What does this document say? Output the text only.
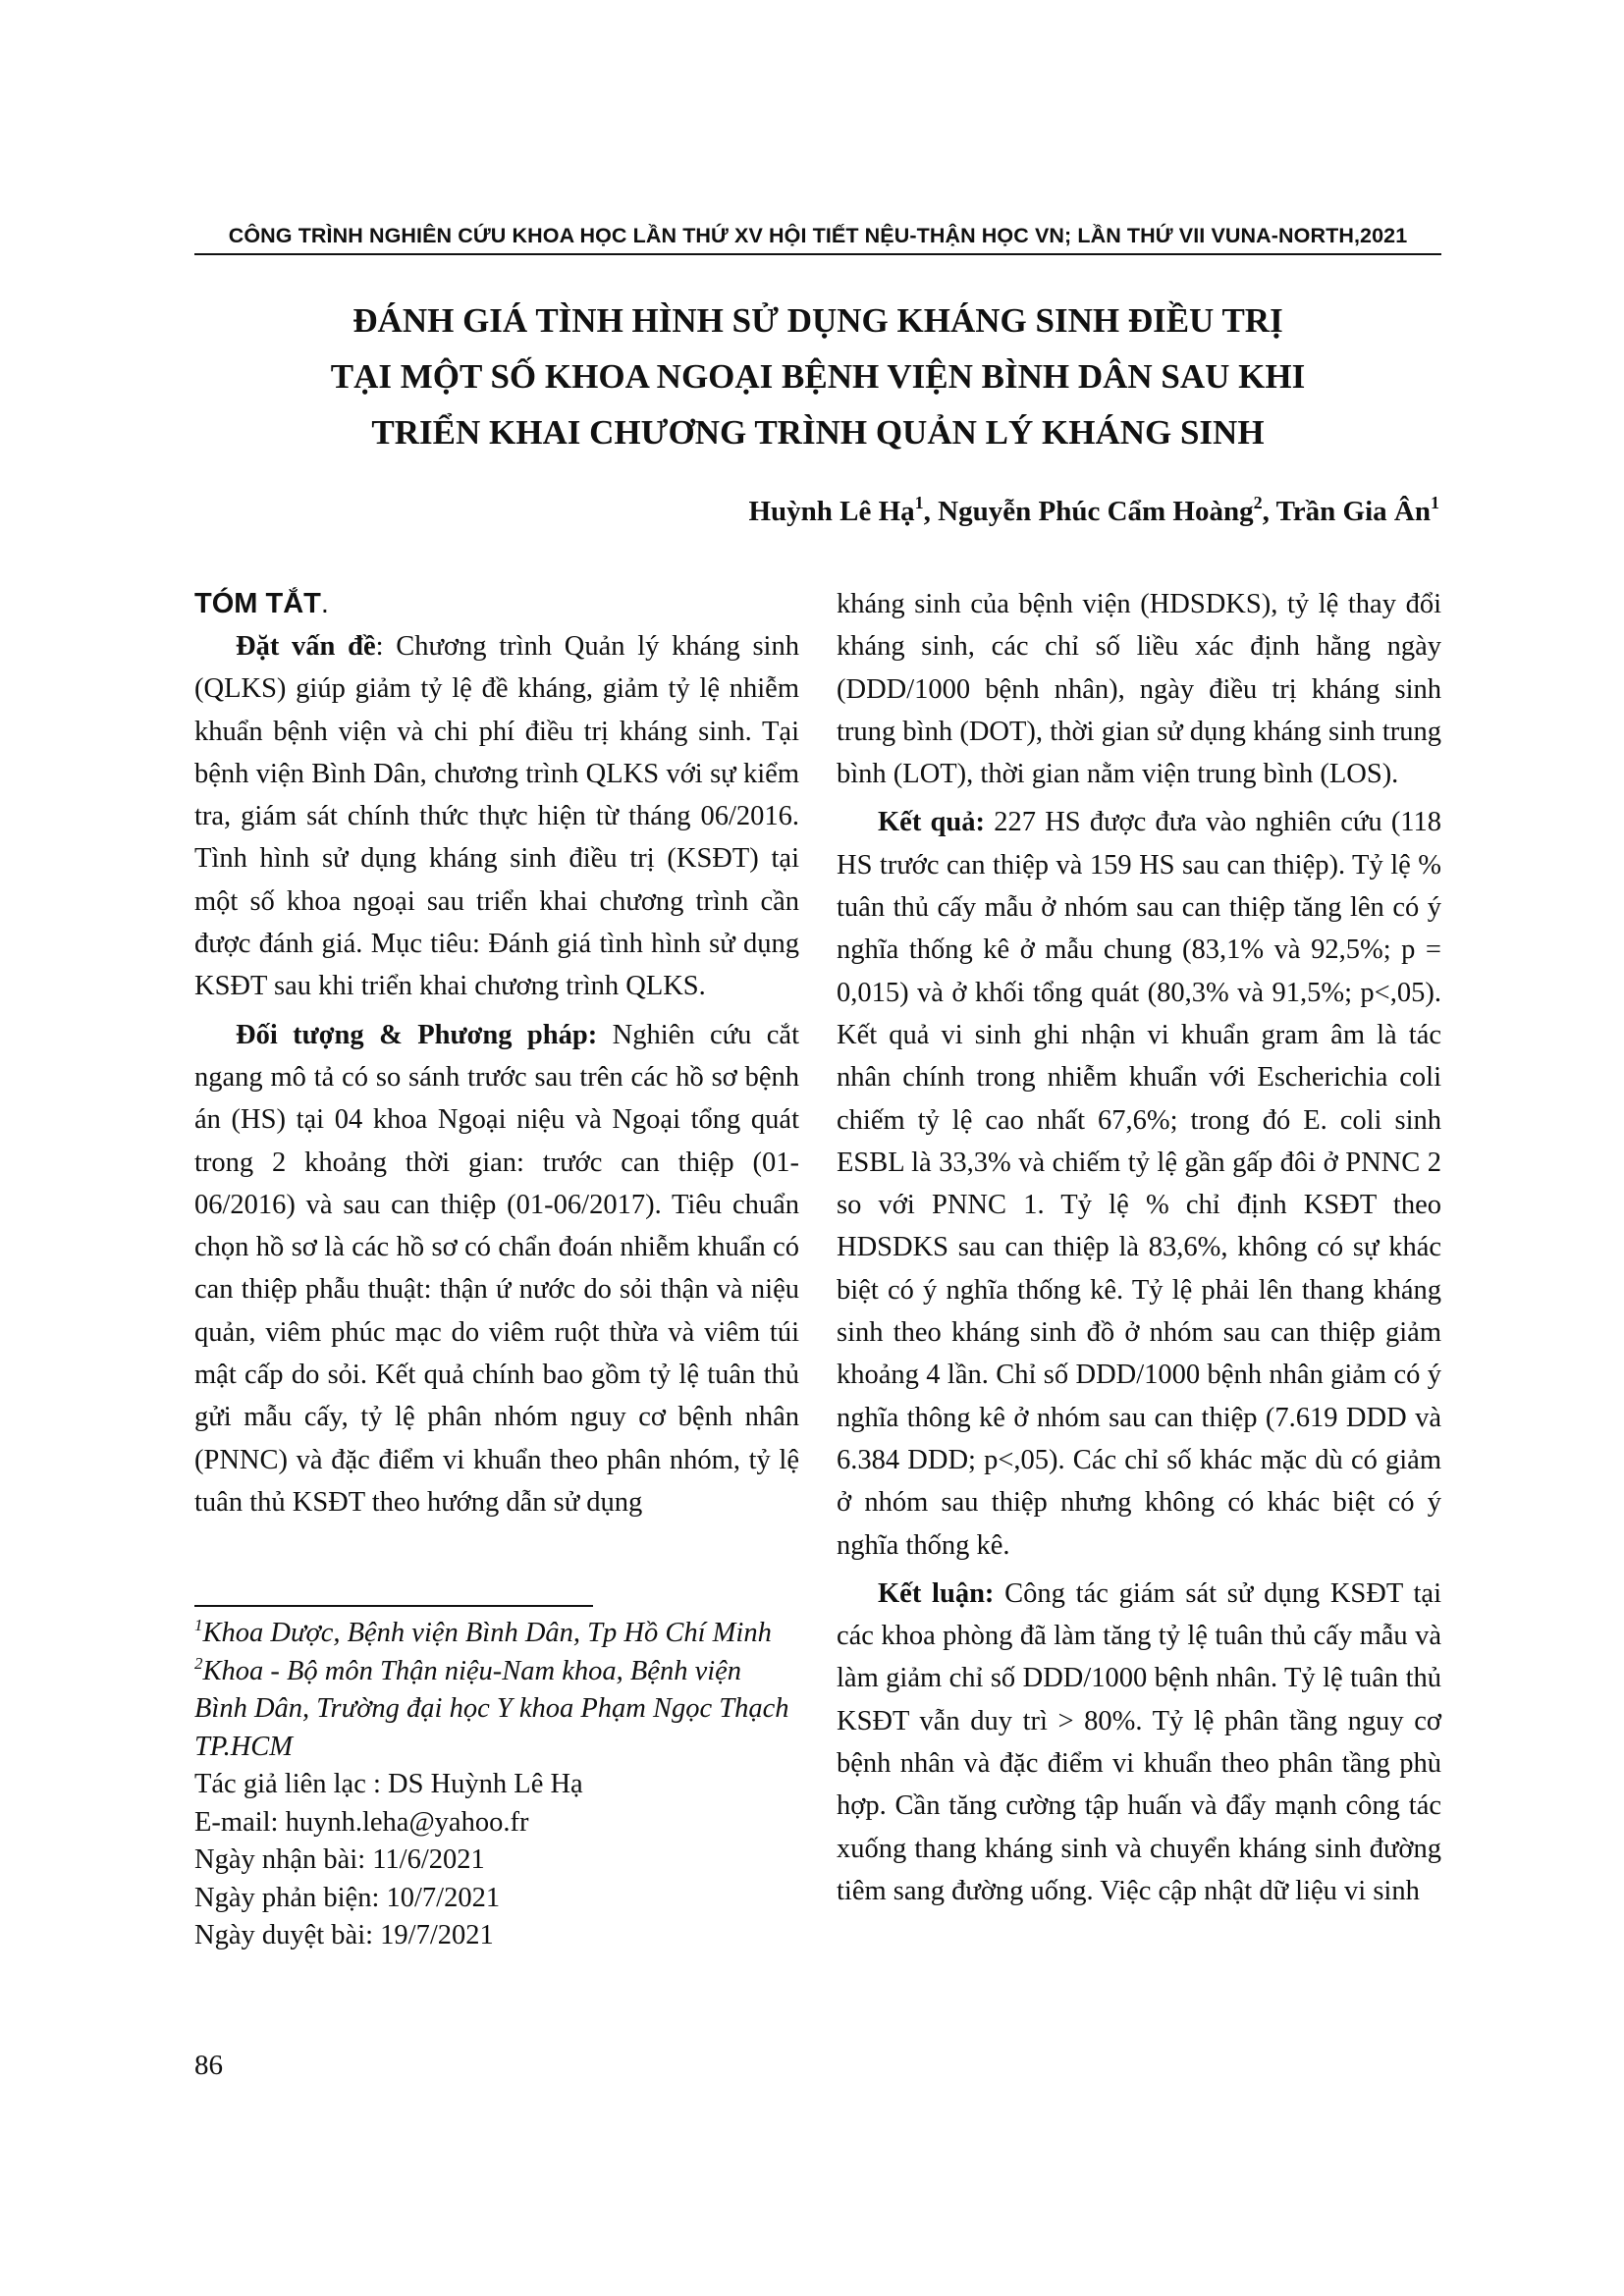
CÔNG TRÌNH NGHIÊN CỨU KHOA HỌC LẦN THỨ XV HỘI TIẾT NỆU-THẬN HỌC VN; LẦN THỨ VII VUNA-NORTH,2021
ĐÁNH GIÁ TÌNH HÌNH SỬ DỤNG KHÁNG SINH ĐIỀU TRỊ
TẠI MỘT SỐ KHOA NGOẠI BỆNH VIỆN BÌNH DÂN SAU KHI
TRIỂN KHAI CHƯƠNG TRÌNH QUẢN LÝ KHÁNG SINH
Huỳnh Lê Hạ$^1$, Nguyễn Phúc Cẩm Hoàng$^2$, Trần Gia $Ân^1$
TÓM TẮT.

Đặt vấn đề: Chương trình Quản lý kháng sinh (QLKS) giúp giảm tỷ lệ đề kháng, giảm tỷ lệ nhiễm khuẩn bệnh viện và chi phí điều trị kháng sinh. Tại bệnh viện Bình Dân, chương trình QLKS với sự kiểm tra, giám sát chính thức thực hiện từ tháng 06/2016. Tình hình sử dụng kháng sinh điều trị (KSĐT) tại một số khoa ngoại sau triển khai chương trình cần được đánh giá. Mục tiêu: Đánh giá tình hình sử dụng KSĐT sau khi triển khai chương trình QLKS.

Đối tượng & Phương pháp: Nghiên cứu cắt ngang mô tả có so sánh trước sau trên các hồ sơ bệnh án (HS) tại 04 khoa Ngoại niệu và Ngoại tổng quát trong 2 khoảng thời gian: trước can thiệp (01-06/2016) và sau can thiệp (01-06/2017). Tiêu chuẩn chọn hồ sơ là các hồ sơ có chẩn đoán nhiễm khuẩn có can thiệp phẫu thuật: thận ứ nước do sỏi thận và niệu quản, viêm phúc mạc do viêm ruột thừa và viêm túi mật cấp do sỏi. Kết quả chính bao gồm tỷ lệ tuân thủ gửi mẫu cấy, tỷ lệ phân nhóm nguy cơ bệnh nhân (PNNC) và đặc điểm vi khuẩn theo phân nhóm, tỷ lệ tuân thủ KSĐT theo hướng dẫn sử dụng

kháng sinh của bệnh viện (HDSDKS), tỷ lệ thay đổi kháng sinh, các chỉ số liều xác định hằng ngày (DDD/1000 bệnh nhân), ngày điều trị kháng sinh trung bình (DOT), thời gian sử dụng kháng sinh trung bình (LOT), thời gian nằm viện trung bình (LOS).

Kết quả: 227 HS được đưa vào nghiên cứu (118 HS trước can thiệp và 159 HS sau can thiệp). Tỷ lệ % tuân thủ cấy mẫu ở nhóm sau can thiệp tăng lên có ý nghĩa thống kê ở mẫu chung (83,1% và 92,5%; p = 0,015) và ở khối tổng quát (80,3% và 91,5%; p<,05). Kết quả vi sinh ghi nhận vi khuẩn gram âm là tác nhân chính trong nhiễm khuẩn với Escherichia coli chiếm tỷ lệ cao nhất 67,6%; trong đó E. coli sinh ESBL là 33,3% và chiếm tỷ lệ gần gấp đôi ở PNNC 2 so với PNNC 1. Tỷ lệ % chỉ định KSĐT theo HDSDKS sau can thiệp là 83,6%, không có sự khác biệt có ý nghĩa thống kê. Tỷ lệ phải lên thang kháng sinh theo kháng sinh đồ ở nhóm sau can thiệp giảm khoảng 4 lần. Chỉ số DDD/1000 bệnh nhân giảm có ý nghĩa thông kê ở nhóm sau can thiệp (7.619 DDD và 6.384 DDD; p<,05). Các chỉ số khác mặc dù có giảm ở nhóm sau thiệp nhưng không có khác biệt có ý nghĩa thống kê.

Kết luận: Công tác giám sát sử dụng KSĐT tại các khoa phòng đã làm tăng tỷ lệ tuân thủ cấy mẫu và làm giảm chỉ số DDD/1000 bệnh nhân. Tỷ lệ tuân thủ KSĐT vẫn duy trì > 80%. Tỷ lệ phân tầng nguy cơ bệnh nhân và đặc điểm vi khuẩn theo phân tầng phù hợp. Cần tăng cường tập huấn và đẩy mạnh công tác xuống thang kháng sinh và chuyển kháng sinh đường tiêm sang đường uống. Việc cập nhật dữ liệu vi sinh

$^1$Khoa Dược, Bệnh viện Bình Dân, Tp Hồ Chí Minh
$^2$Khoa - Bộ môn Thận niệu-Nam khoa, Bệnh viện Bình Dân, Trường đại học Y khoa Phạm Ngọc Thạch TP.HCM
Tác giả liên lạc : DS Huỳnh Lê Hạ
E-mail: huynh.leha@yahoo.fr
Ngày nhận bài: 11/6/2021
Ngày phản biện: 10/7/2021
Ngày duyệt bài: 19/7/2021
86
